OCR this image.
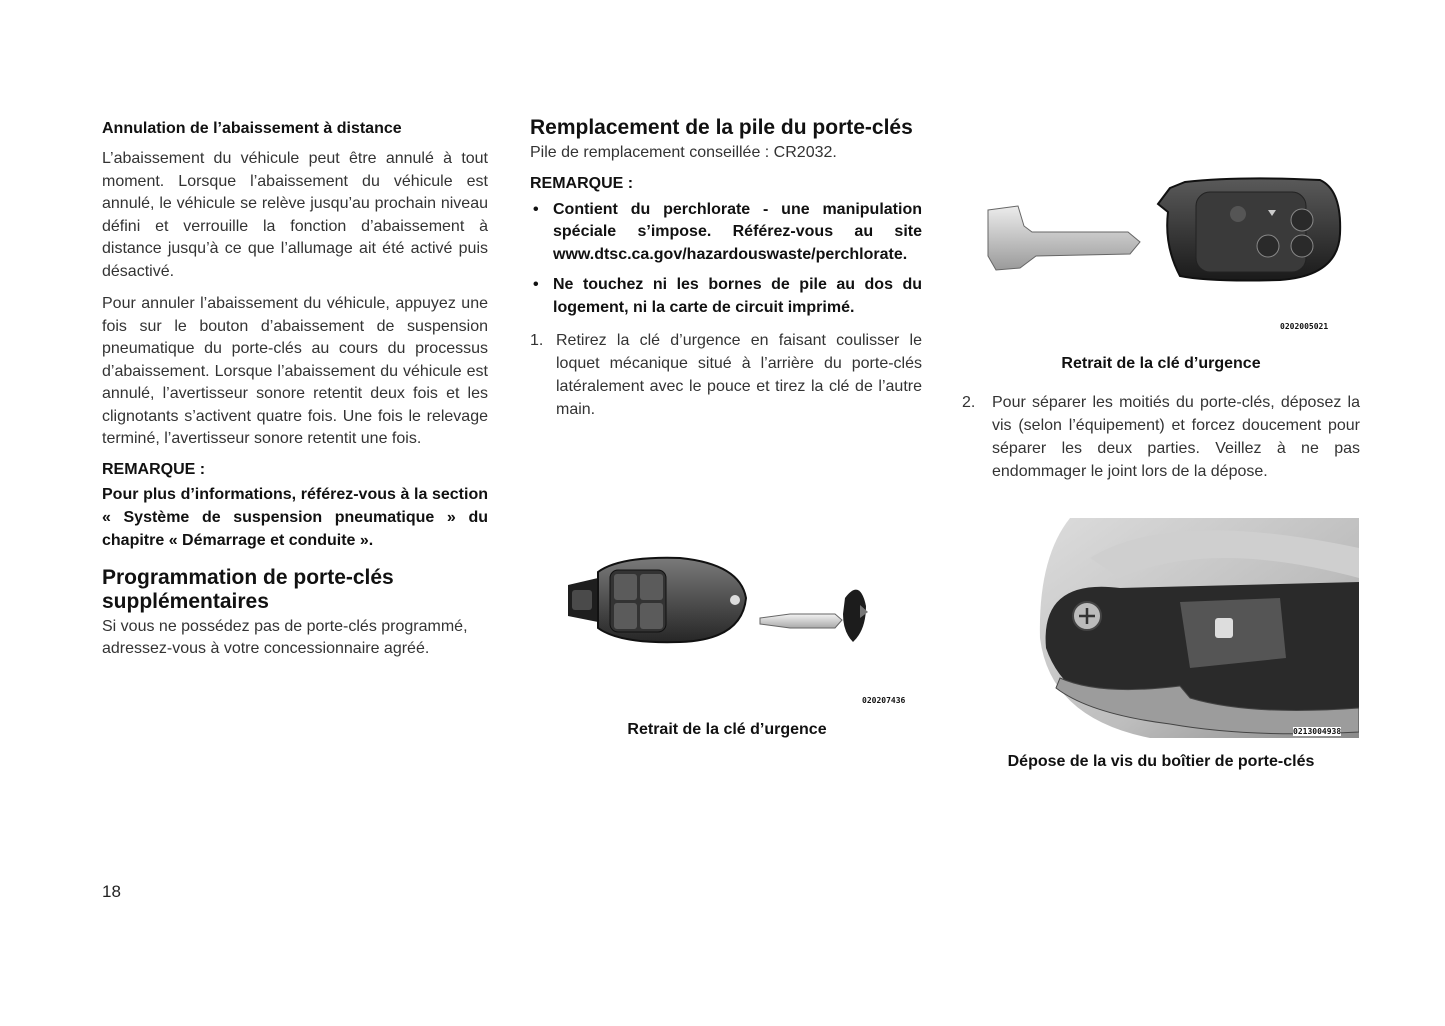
Annulation de l’abaissement à distance

L’abaissement du véhicule peut être annulé à tout moment. Lorsque l’abaissement du véhicule est annulé, le véhicule se relève jusqu’au prochain niveau défini et verrouille la fonction d’abaissement à distance jusqu’à ce que l’allumage ait été activé puis désactivé.

Pour annuler l’abaissement du véhicule, appuyez une fois sur le bouton d’abaissement de suspension pneumatique du porte-clés au cours du processus d’abaissement. Lorsque l’abaissement du véhicule est annulé, l’avertisseur sonore retentit deux fois et les clignotants s’activent quatre fois. Une fois le relevage terminé, l’avertisseur sonore retentit une fois.

REMARQUE :
Pour plus d’informations, référez-vous à la section « Système de suspension pneumatique » du chapitre « Démarrage et conduite ».
Programmation de porte-clés supplémentaires

Si vous ne possédez pas de porte-clés programmé, adressez-vous à votre concessionnaire agréé.

Remplacement de la pile du porte-clés

Pile de remplacement conseillée : CR2032.

REMARQUE :
• Contient du perchlorate - une manipulation spéciale s’impose. Référez-vous au site www.dtsc.ca.gov/hazardouswaste/perchlorate.
• Ne touchez ni les bornes de pile au dos du logement, ni la carte de circuit imprimé.
1. Retirez la clé d’urgence en faisant coulisser le loquet mécanique situé à l’arrière du porte-clés latéralement avec le pouce et tirez la clé de l’autre main.
020207436
Retrait de la clé d’urgence
0202005021
Retrait de la clé d’urgence
2. Pour séparer les moitiés du porte-clés, déposez la vis (selon l’équipement) et forcez doucement pour séparer les deux parties. Veillez à ne pas endommager le joint lors de la dépose.
0213004938
Dépose de la vis du boîtier de porte-clés
18
